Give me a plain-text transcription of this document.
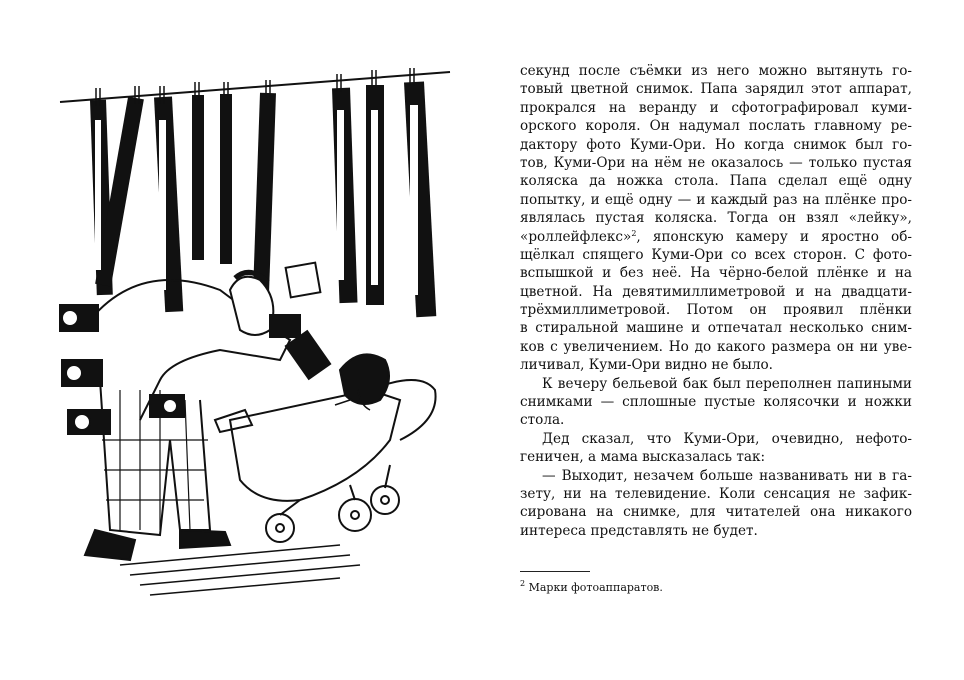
секунд после съёмки из него можно вытянуть го-
товый цветной снимок. Папа зарядил этот аппарат,
прокрался на веранду и сфотографировал куми-
орского короля. Он надумал послать главному ре-
дактору фото Куми-Ори. Но когда снимок был го-
тов, Куми-Ори на нём не оказалось — только пустая
коляска да ножка стола. Папа сделал ещё одну
попытку, и ещё одну — и каждый раз на плёнке про-
являлась пустая коляска. Тогда он взял «лейку»,
«роллейфлекс»$^2$, японскую камеру и яростно об-
щёлкал спящего Куми-Ори со всех сторон. С фото-
вспышкой и без неё. На чёрно-белой плёнке и на
цветной. На девятимиллиметровой и на двадцати-
трёхмиллиметровой. Потом он проявил плёнки
в стиральной машине и отпечатал несколько сним-
ков с увеличением. Но до какого размера он ни уве-
личивал, Куми-Ори видно не было.
К вечеру бельевой бак был переполнен папиными
снимками — сплошные пустые колясочки и ножки
стола.
Дед сказал, что Куми-Ори, очевидно, нефото-
геничен, а мама высказалась так:
— Выходит, незачем больше названивать ни в га-
зету, ни на телевидение. Коли сенсация не зафик-
сирована на снимке, для читателей она никакого
интереса представлять не будет.
$^2$ Марки фотоаппаратов.
